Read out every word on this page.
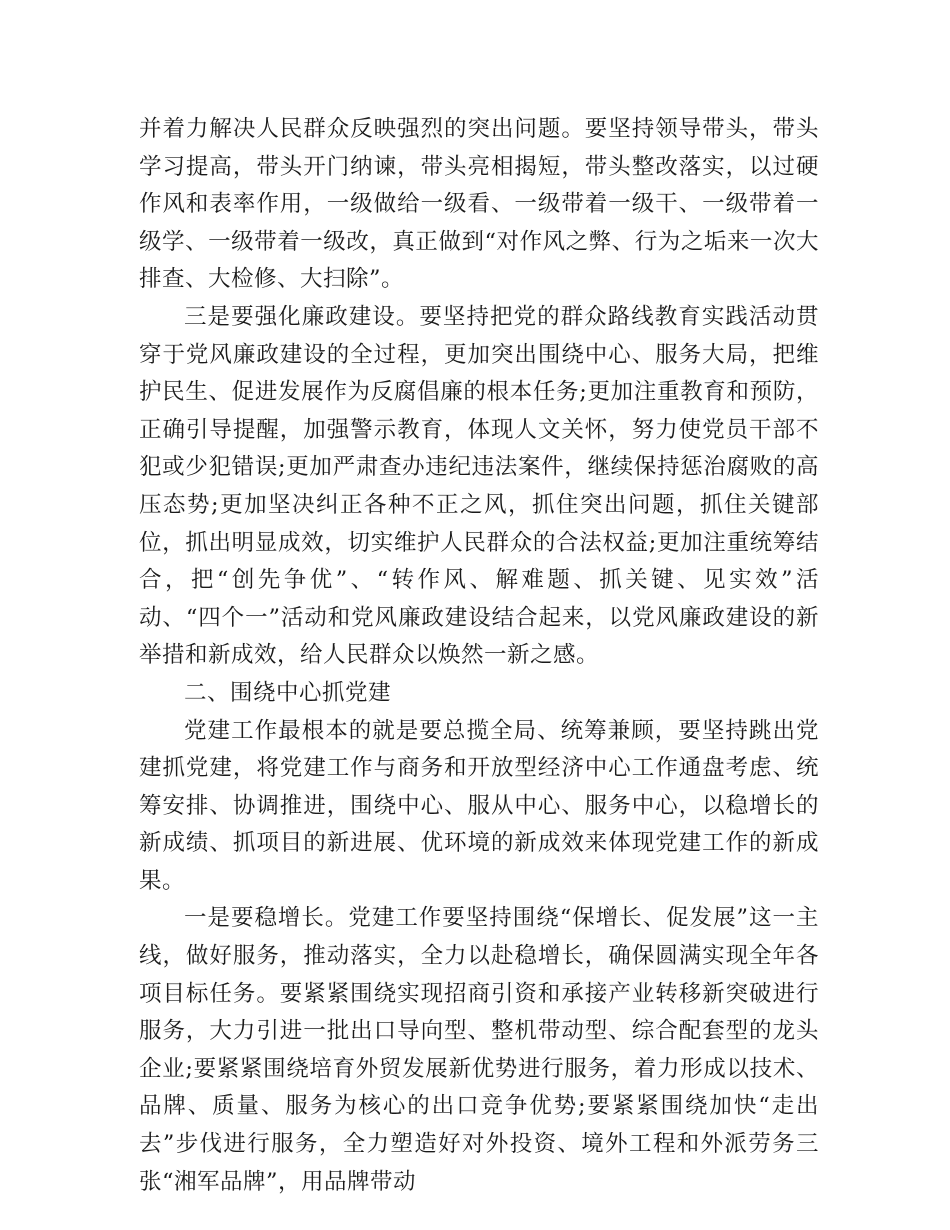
并着力解决人民群众反映强烈的突出问题。要坚持领导带头，带头学习提高，带头开门纳谏，带头亮相揭短，带头整改落实，以过硬作风和表率作用，一级做给一级看、一级带着一级干、一级带着一级学、一级带着一级改，真正做到“对作风之弊、行为之垢来一次大排查、大检修、大扫除”。

三是要强化廉政建设。要坚持把党的群众路线教育实践活动贯穿于党风廉政建设的全过程，更加突出围绕中心、服务大局，把维护民生、促进发展作为反腐倡廉的根本任务;更加注重教育和预防，正确引导提醒，加强警示教育，体现人文关怀，努力使党员干部不犯或少犯错误;更加严肃查办违纪违法案件，继续保持惩治腐败的高压态势;更加坚决纠正各种不正之风，抓住突出问题，抓住关键部位，抓出明显成效，切实维护人民群众的合法权益;更加注重统筹结合，把“创先争优”、“转作风、解难题、抓关键、见实效”活动、“四个一”活动和党风廉政建设结合起来，以党风廉政建设的新举措和新成效，给人民群众以焕然一新之感。

二、围绕中心抓党建

党建工作最根本的就是要总揽全局、统筹兼顾，要坚持跳出党建抓党建，将党建工作与商务和开放型经济中心工作通盘考虑、统筹安排、协调推进，围绕中心、服从中心、服务中心，以稳增长的新成绩、抓项目的新进展、优环境的新成效来体现党建工作的新成果。

一是要稳增长。党建工作要坚持围绕“保增长、促发展”这一主线，做好服务，推动落实，全力以赴稳增长，确保圆满实现全年各项目标任务。要紧紧围绕实现招商引资和承接产业转移新突破进行服务，大力引进一批出口导向型、整机带动型、综合配套型的龙头企业;要紧紧围绕培育外贸发展新优势进行服务，着力形成以技术、品牌、质量、服务为核心的出口竞争优势;要紧紧围绕加快“走出去”步伐进行服务，全力塑造好对外投资、境外工程和外派劳务三张“湘军品牌”，用品牌带动
